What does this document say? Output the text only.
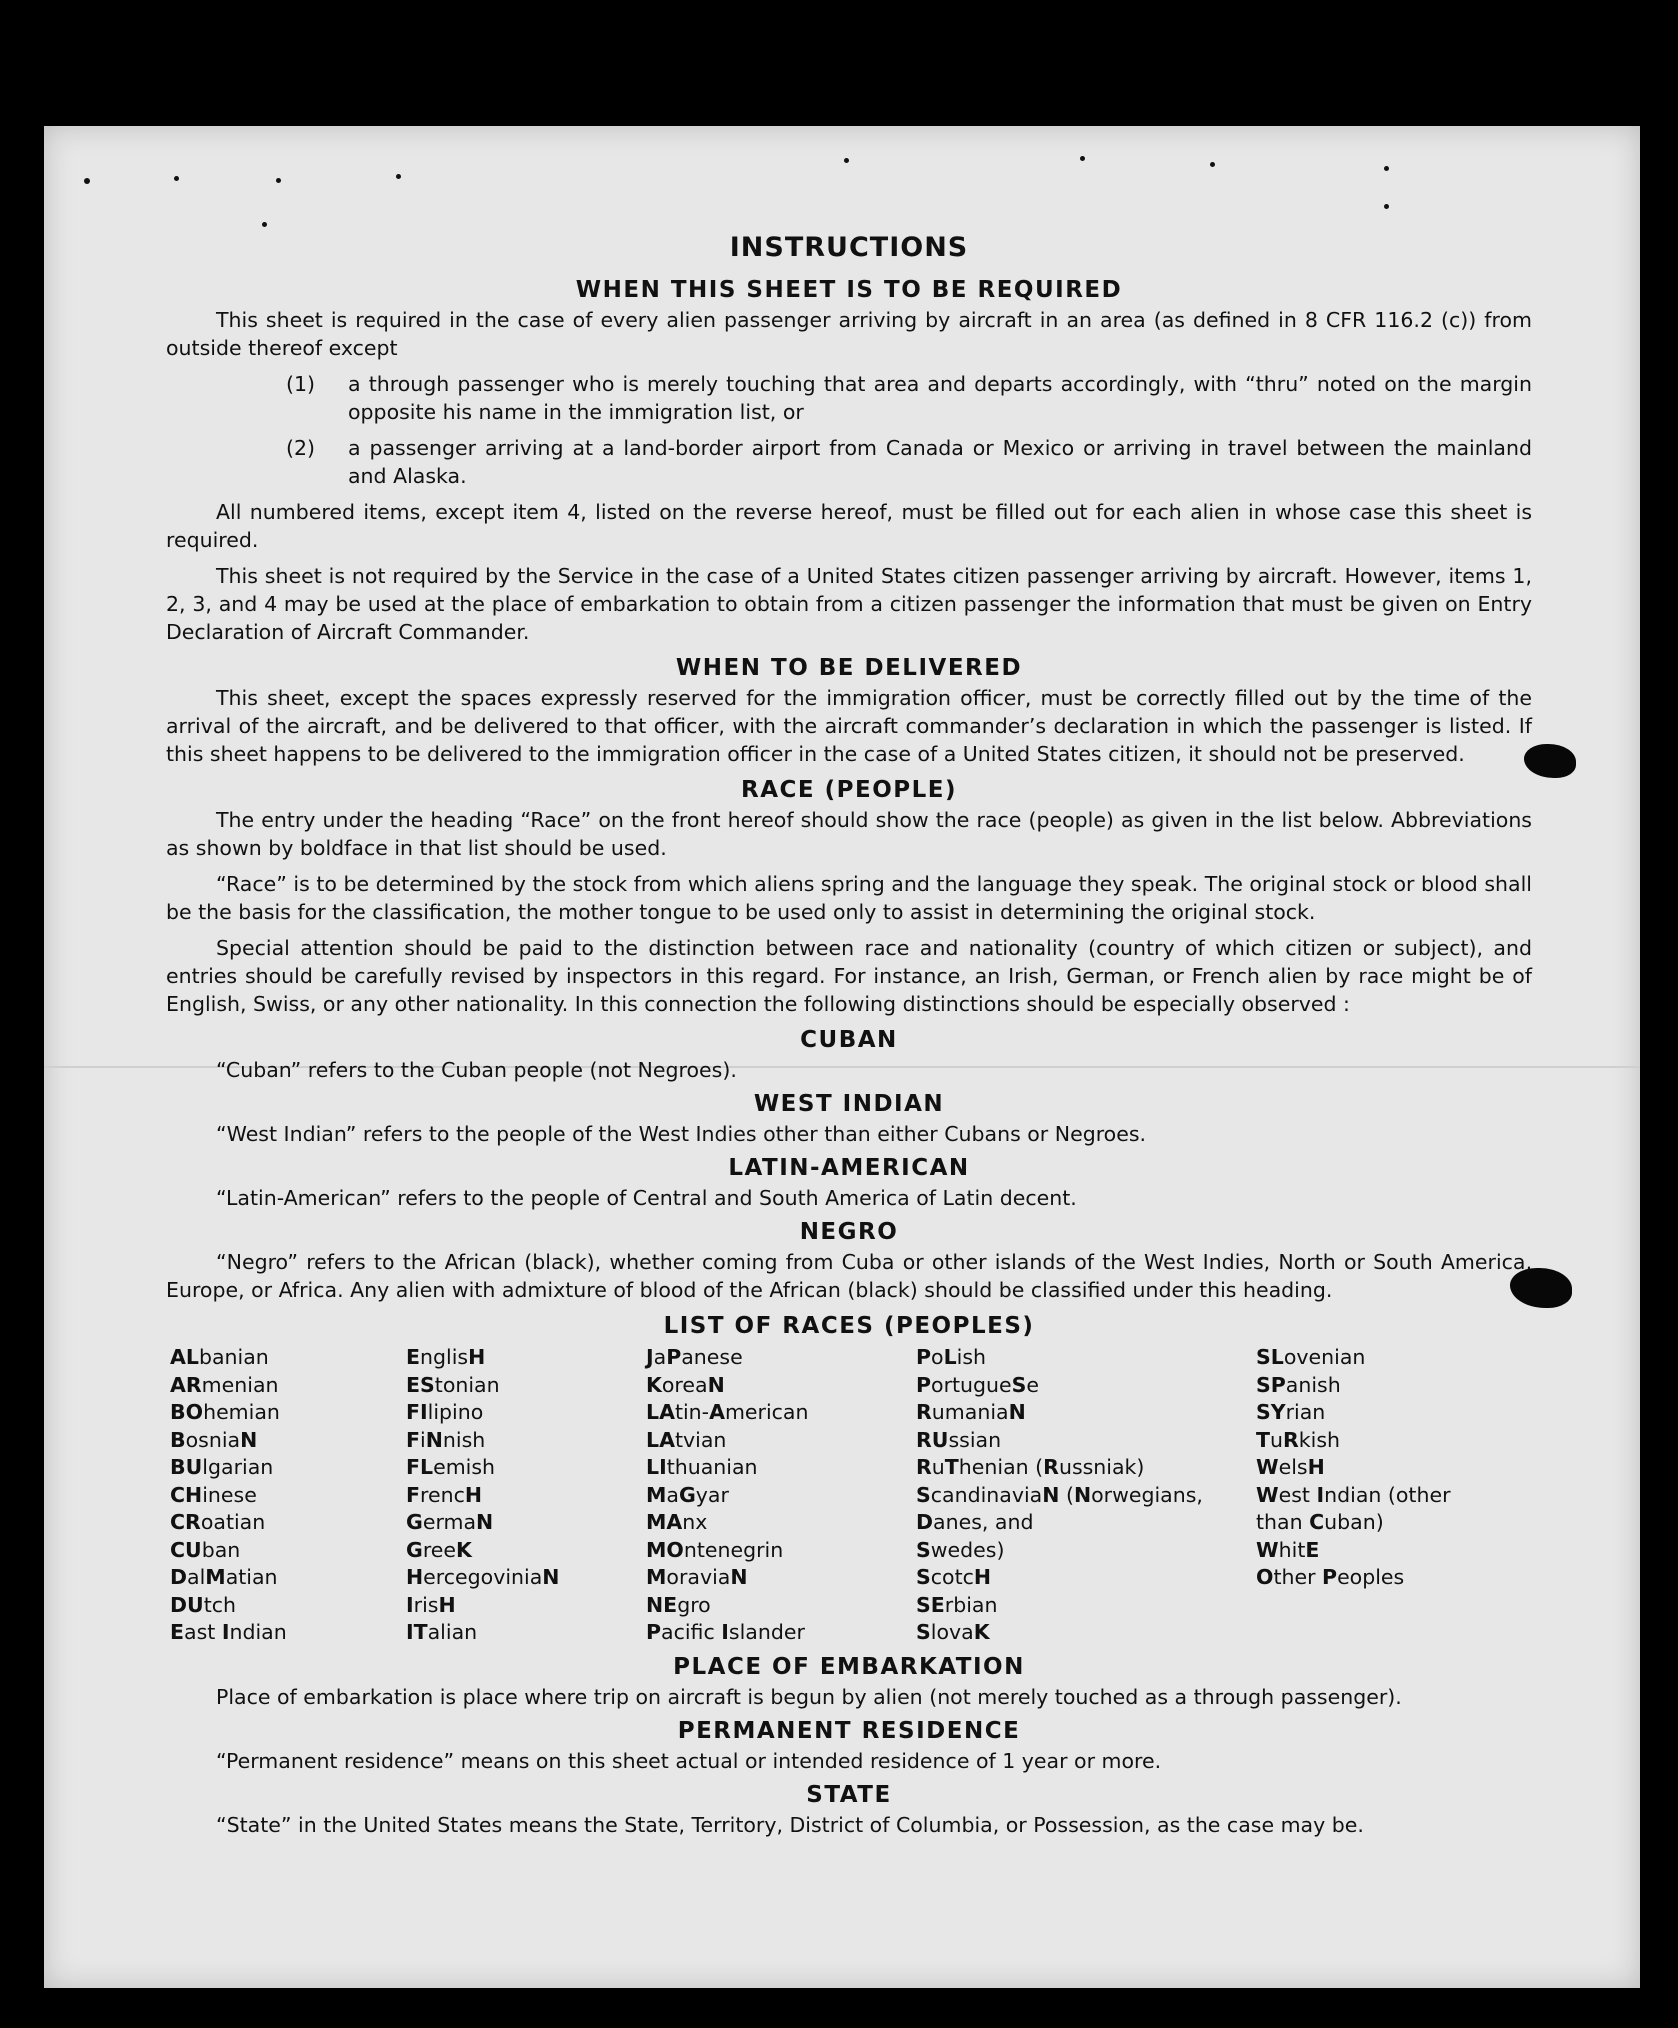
INSTRUCTIONS
WHEN THIS SHEET IS TO BE REQUIRED

This sheet is required in the case of every alien passenger arriving by aircraft in an area (as defined in 8 CFR 116.2 (c)) from outside thereof except

(1)	a through passenger who is merely touching that area and departs accordingly, with “thru” noted on the margin opposite his name in the immigration list, or
(2)	a passenger arriving at a land-border airport from Canada or Mexico or arriving in travel between the mainland and Alaska.

All numbered items, except item 4, listed on the reverse hereof, must be filled out for each alien in whose case this sheet is required.

This sheet is not required by the Service in the case of a United States citizen passenger arriving by aircraft. However, items 1, 2, 3, and 4 may be used at the place of embarkation to obtain from a citizen passenger the information that must be given on Entry Declaration of Aircraft Commander.

WHEN TO BE DELIVERED

This sheet, except the spaces expressly reserved for the immigration officer, must be correctly filled out by the time of the arrival of the aircraft, and be delivered to that officer, with the aircraft commander’s declaration in which the passenger is listed. If this sheet happens to be delivered to the immigration officer in the case of a United States citizen, it should not be preserved.

RACE (PEOPLE)

The entry under the heading “Race” on the front hereof should show the race (people) as given in the list below. Abbreviations as shown by boldface in that list should be used.

“Race” is to be determined by the stock from which aliens spring and the language they speak. The original stock or blood shall be the basis for the classification, the mother tongue to be used only to assist in determining the original stock.

Special attention should be paid to the distinction between race and nationality (country of which citizen or subject), and entries should be carefully revised by inspectors in this regard. For instance, an Irish, German, or French alien by race might be of English, Swiss, or any other nationality. In this connection the following distinctions should be especially observed :

CUBAN
“Cuban” refers to the Cuban people (not Negroes).
WEST INDIAN
“West Indian” refers to the people of the West Indies other than either Cubans or Negroes.
LATIN-AMERICAN
“Latin-American” refers to the people of Central and South America of Latin decent.
NEGRO

“Negro” refers to the African (black), whether coming from Cuba or other islands of the West Indies, North or South America, Europe, or Africa. Any alien with admixture of blood of the African (black) should be classified under this heading.

LIST OF RACES (PEOPLES)
ALbanian
ARmenian
BOhemian
BosniaN
BUlgarian
CHinese
CRoatian
CUban
DalMatian
DUtch
East Indian
EnglisH
EStonian
FIlipino
FiNnish
FLemish
FrencH
GermaN
GreeK
HercegoviniaN
IrisH
ITalian
JaPanese
KoreaN
LAtin-American
LAtvian
LIthuanian
MaGyar
MAnx
MOntenegrin
MoraviaN
NEgro
Pacific Islander
PoLish
PortugueSe
RumaniaN
RUssian
RuThenian (Russniak)
ScandinaviaN (Norwegians,
Danes, and
Swedes)
ScotcH
SErbian
SlovaK
SLovenian
SPanish
SYrian
TuRkish
WelsH
West Indian (other
than Cuban)
WhitE
Other Peoples
PLACE OF EMBARKATION
Place of embarkation is place where trip on aircraft is begun by alien (not merely touched as a through passenger).
PERMANENT RESIDENCE
“Permanent residence” means on this sheet actual or intended residence of 1 year or more.
STATE
“State” in the United States means the State, Territory, District of Columbia, or Possession, as the case may be.
